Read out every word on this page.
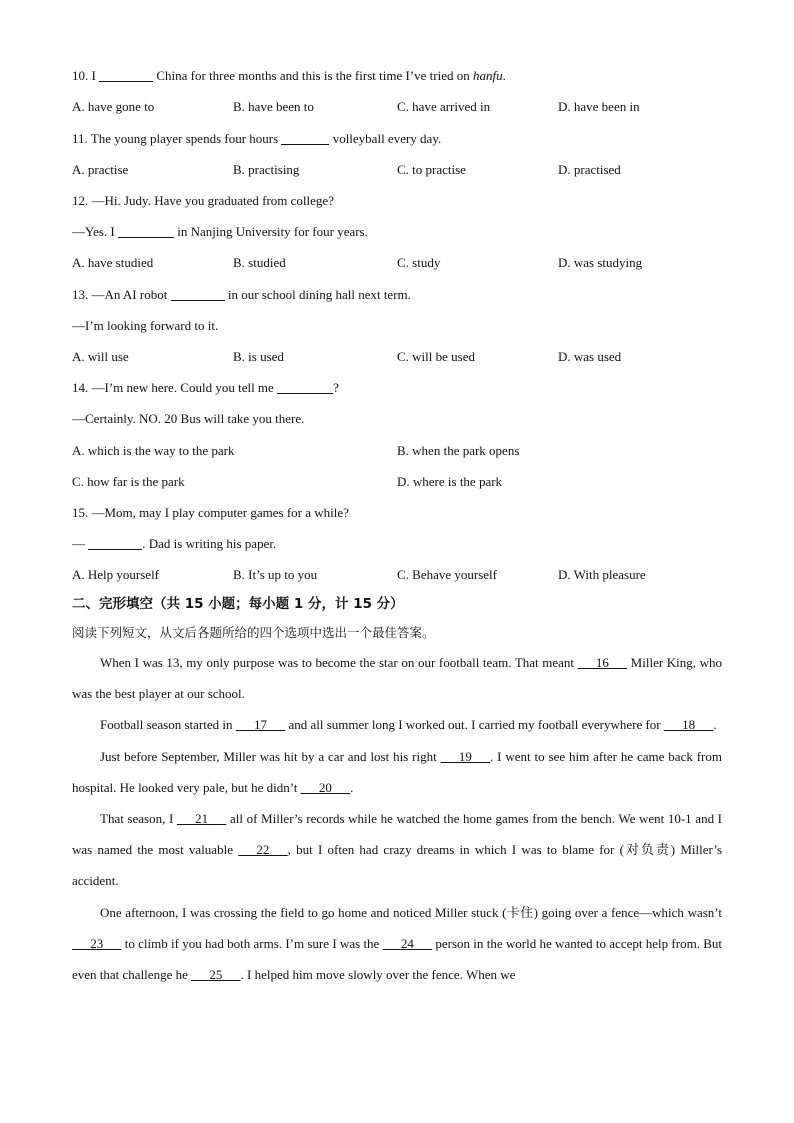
10. I	China for three months and this is the first time I’ve tried on hanfu.
A. have gone to	B. have been to	C. have arrived in	D. have been in
11. The young player spends four hours	volleyball every day.
A. practise	B. practising	C. to practise	D. practised
12. —Hi. Judy. Have you graduated from college?
—Yes. I	in Nanjing University for four years.
A. have studied	B. studied	C. study	D. was studying
13. —An AI robot	in our school dining hall next term.
—I’m looking forward to it.
A. will use	B. is used	C. will be used	D. was used
14. —I’m new here. Could you tell me	?
—Certainly. NO. 20 Bus will take you there.
A. which is the way to the park	B. when the park opens
C. how far is the park	D. where is the park
15. —Mom, may I play computer games for a while?
—	. Dad is writing his paper.
A. Help yourself	B. It’s up to you	C. Behave yourself	D. With pleasure
二、完形填空（共 15 小题；每小题 1 分，计 15 分）
阅读下列短文，从文后各题所给的四个选项中选出一个最佳答案。

When I was 13, my only purpose was to become the star on our football team. That meant         16        Miller King, who was the best player at our school.

Football season started in         17        and all summer long I worked out. I carried my football everywhere for         18        .

Just before September, Miller was hit by a car and lost his right         19        . I went to see him after he came back from hospital. He looked very pale, but he didn’t         20        .

That season, I         21        all of Miller’s records while he watched the home games from the bench. We went 10-1 and I was named the most valuable         22        , but I often had crazy dreams in which I was to blame for (对负责) Miller’s accident.

One afternoon, I was crossing the field to go home and noticed Miller stuck (卡住) going over a fence—which wasn’t        23        to climb if you had both arms. I’m sure I was the         24        person in the world he wanted to accept help from. But even that challenge he         25        . I helped him move slowly over the fence. When we
